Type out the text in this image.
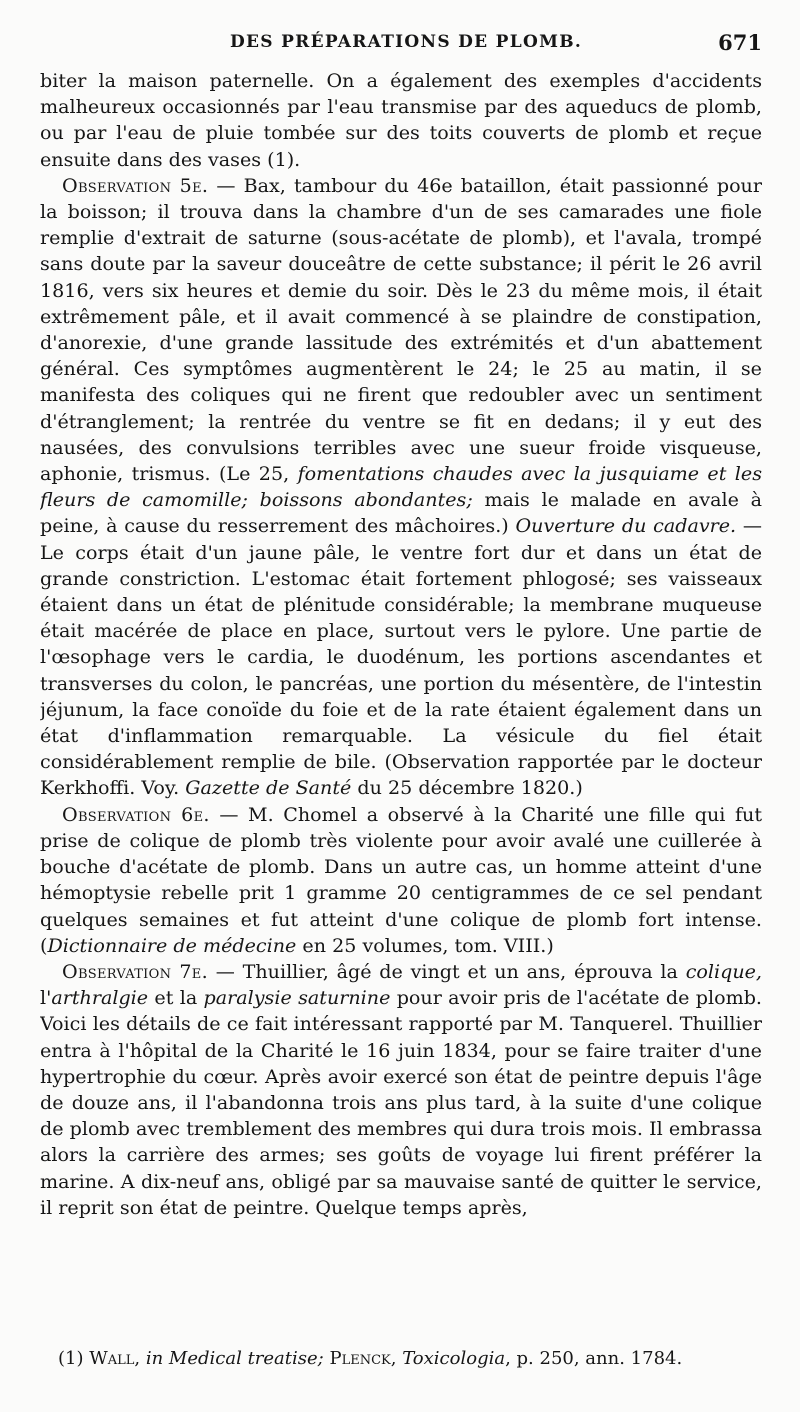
DES PRÉPARATIONS DE PLOMB.	671

biter la maison paternelle. On a également des exemples d'accidents malheureux occasionnés par l'eau transmise par des aqueducs de plomb, ou par l'eau de pluie tombée sur des toits couverts de plomb et reçue ensuite dans des vases (1).

Observation 5e. — Bax, tambour du 46e bataillon, était passionné pour la boisson; il trouva dans la chambre d'un de ses camarades une fiole remplie d'extrait de saturne (sous-acétate de plomb), et l'avala, trompé sans doute par la saveur douceâtre de cette substance; il périt le 26 avril 1816, vers six heures et demie du soir. Dès le 23 du même mois, il était extrêmement pâle, et il avait commencé à se plaindre de constipation, d'anorexie, d'une grande lassitude des extrémités et d'un abattement général. Ces symptômes augmentèrent le 24; le 25 au matin, il se manifesta des coliques qui ne firent que redoubler avec un sentiment d'étranglement; la rentrée du ventre se fit en dedans; il y eut des nausées, des convulsions terribles avec une sueur froide visqueuse, aphonie, trismus. (Le 25, fomentations chaudes avec la jusquiame et les fleurs de camomille; boissons abondantes; mais le malade en avale à peine, à cause du resserrement des mâchoires.) Ouverture du cadavre. — Le corps était d'un jaune pâle, le ventre fort dur et dans un état de grande constriction. L'estomac était fortement phlogosé; ses vaisseaux étaient dans un état de plénitude considérable; la membrane muqueuse était macérée de place en place, surtout vers le pylore. Une partie de l'œsophage vers le cardia, le duodénum, les portions ascendantes et transverses du colon, le pancréas, une portion du mésentère, de l'intestin jéjunum, la face conoïde du foie et de la rate étaient également dans un état d'inflammation remarquable. La vésicule du fiel était considérablement remplie de bile. (Observation rapportée par le docteur Kerkhoffi. Voy. Gazette de Santé du 25 décembre 1820.)

Observation 6e. — M. Chomel a observé à la Charité une fille qui fut prise de colique de plomb très violente pour avoir avalé une cuillerée à bouche d'acétate de plomb. Dans un autre cas, un homme atteint d'une hémoptysie rebelle prit 1 gramme 20 centigrammes de ce sel pendant quelques semaines et fut atteint d'une colique de plomb fort intense. (Dictionnaire de médecine en 25 volumes, tom. VIII.)

Observation 7e. — Thuillier, âgé de vingt et un ans, éprouva la colique, l'arthralgie et la paralysie saturnine pour avoir pris de l'acétate de plomb. Voici les détails de ce fait intéressant rapporté par M. Tanquerel. Thuillier entra à l'hôpital de la Charité le 16 juin 1834, pour se faire traiter d'une hypertrophie du cœur. Après avoir exercé son état de peintre depuis l'âge de douze ans, il l'abandonna trois ans plus tard, à la suite d'une colique de plomb avec tremblement des membres qui dura trois mois. Il embrassa alors la carrière des armes; ses goûts de voyage lui firent préférer la marine. A dix-neuf ans, obligé par sa mauvaise santé de quitter le service, il reprit son état de peintre. Quelque temps après,

(1) Wall, in Medical treatise; Plenck, Toxicologia, p. 250, ann. 1784.
